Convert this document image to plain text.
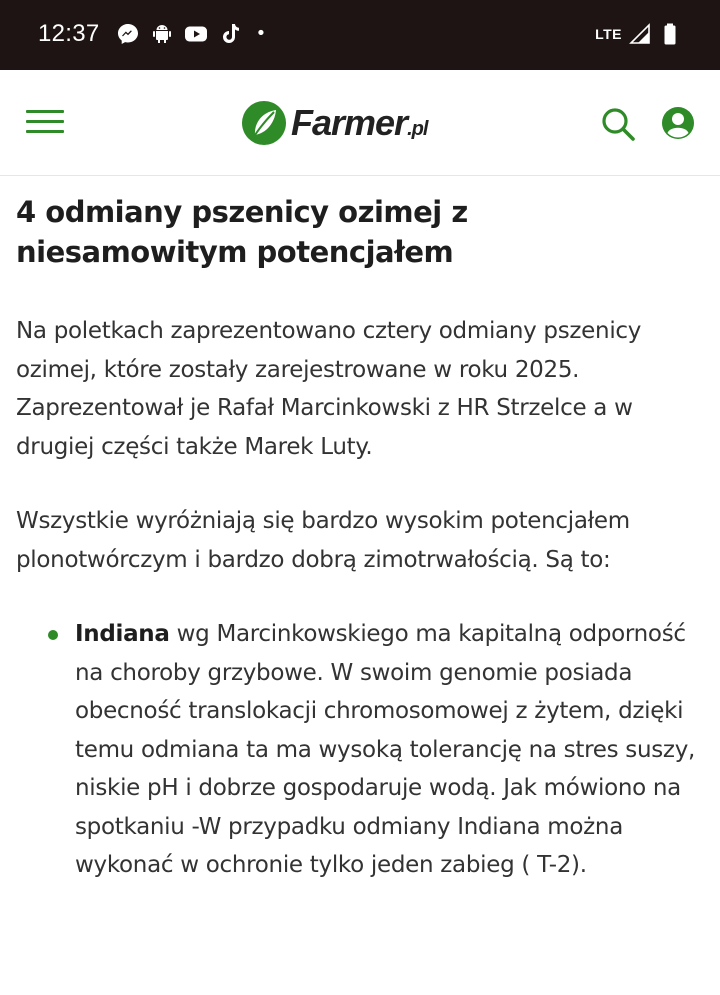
12:37	•	LTE
Farmer.pl
4 odmiany pszenicy ozimej z niesamowitym potencjałem

Na poletkach zaprezentowano cztery odmiany pszenicy ozimej, które zostały zarejestrowane w roku 2025. Zaprezentował je Rafał Marcinkowski z HR Strzelce a w drugiej części także Marek Luty.

Wszystkie wyróżniają się bardzo wysokim potencjałem plonotwórczym i bardzo dobrą zimotrwałością. Są to:

Indiana wg Marcinkowskiego ma kapitalną odporność na choroby grzybowe. W swoim genomie posiada obecność translokacji chromosomowej z żytem, dzięki temu odmiana ta ma wysoką tolerancję na stres suszy, niskie pH i dobrze gospodaruje wodą. Jak mówiono na spotkaniu -W przypadku odmiany Indiana można wykonać w ochronie tylko jeden zabieg ( T-2).
